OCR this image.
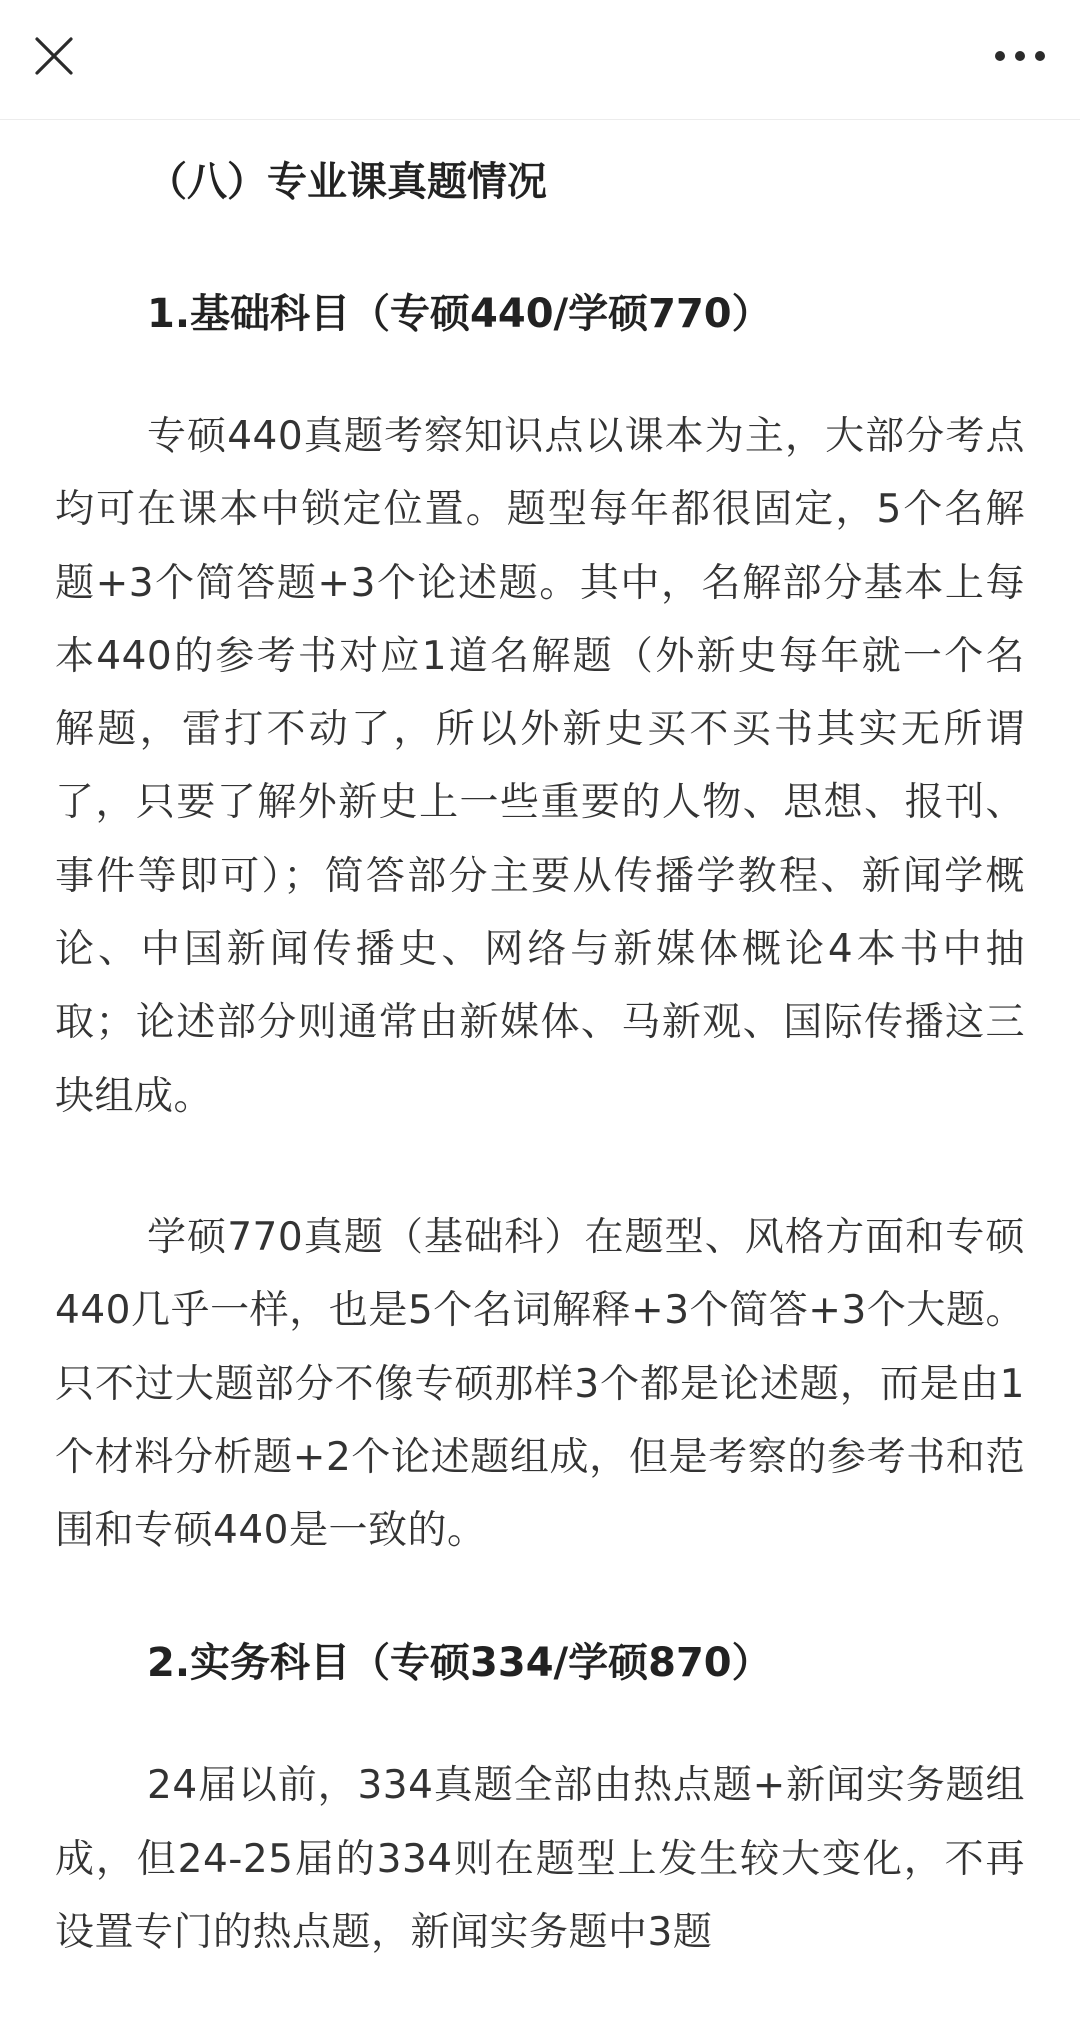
（八）专业课真题情况
1.基础科目（专硕440/学硕770）

专硕440真题考察知识点以课本为主，大部分考点均可在课本中锁定位置。题型每年都很固定，5个名解题+3个简答题+3个论述题。其中，名解部分基本上每本440的参考书对应1道名解题（外新史每年就一个名解题，雷打不动了，所以外新史买不买书其实无所谓了，只要了解外新史上一些重要的人物、思想、报刊、事件等即可）；简答部分主要从传播学教程、新闻学概论、中国新闻传播史、网络与新媒体概论4本书中抽取；论述部分则通常由新媒体、马新观、国际传播这三块组成。

学硕770真题（基础科）在题型、风格方面和专硕440几乎一样，也是5个名词解释+3个简答+3个大题。只不过大题部分不像专硕那样3个都是论述题，而是由1个材料分析题+2个论述题组成，但是考察的参考书和范围和专硕440是一致的。

2.实务科目（专硕334/学硕870）

24届以前，334真题全部由热点题+新闻实务题组成，但24-25届的334则在题型上发生较大变化，不再设置专门的热点题，新闻实务题中3题
